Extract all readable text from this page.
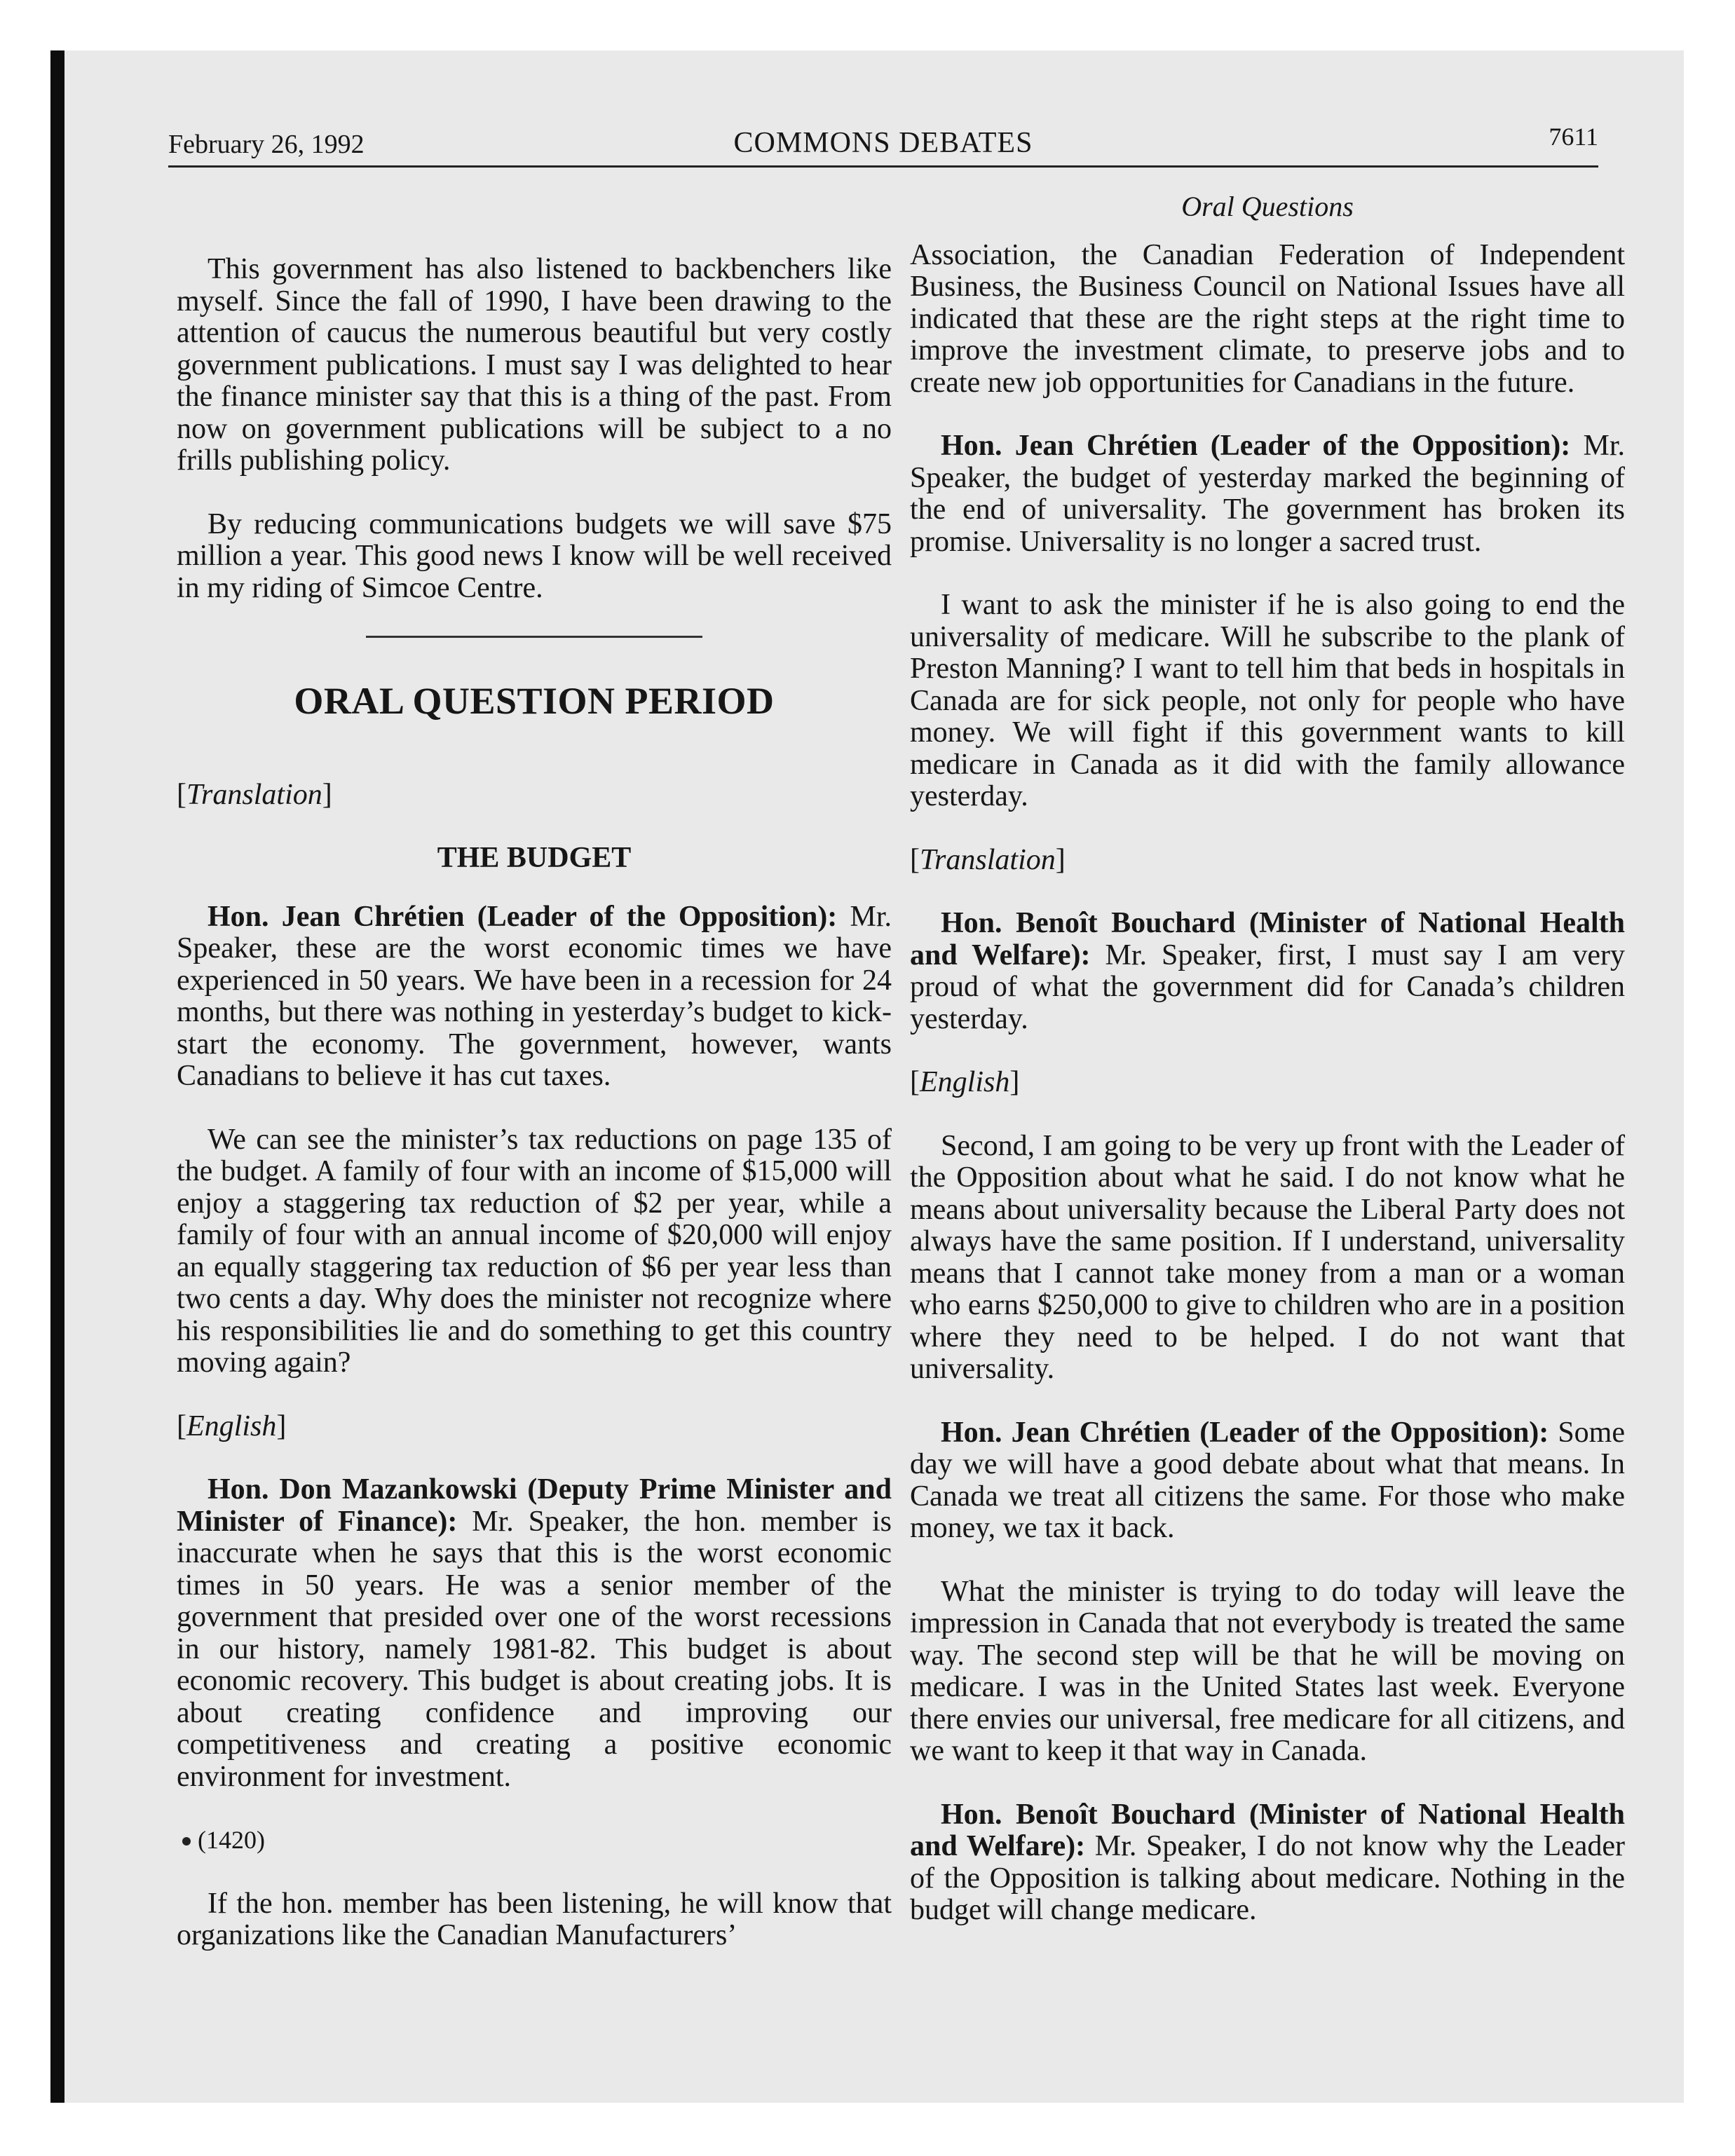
February 26, 1992	COMMONS DEBATES	7611

This government has also listened to backbenchers like myself. Since the fall of 1990, I have been drawing to the attention of caucus the numerous beautiful but very costly government publications. I must say I was delighted to hear the finance minister say that this is a thing of the past. From now on government publications will be subject to a no frills publishing policy.

By reducing communications budgets we will save $75 million a year. This good news I know will be well received in my riding of Simcoe Centre.

ORAL QUESTION PERIOD

[Translation]

THE BUDGET

Hon. Jean Chrétien (Leader of the Opposition): Mr. Speaker, these are the worst economic times we have experienced in 50 years. We have been in a recession for 24 months, but there was nothing in yesterday’s budget to kick-start the economy. The government, however, wants Canadians to believe it has cut taxes.

We can see the minister’s tax reductions on page 135 of the budget. A family of four with an income of $15,000 will enjoy a staggering tax reduction of $2 per year, while a family of four with an annual income of $20,000 will enjoy an equally staggering tax reduction of $6 per year less than two cents a day. Why does the minister not recognize where his responsibilities lie and do something to get this country moving again?

[English]

Hon. Don Mazankowski (Deputy Prime Minister and Minister of Finance): Mr. Speaker, the hon. member is inaccurate when he says that this is the worst economic times in 50 years. He was a senior member of the government that presided over one of the worst recessions in our history, namely 1981-82. This budget is about economic recovery. This budget is about creating jobs. It is about creating confidence and improving our competitiveness and creating a positive economic environment for investment.

(1420)

If the hon. member has been listening, he will know that organizations like the Canadian Manufacturers’

Oral Questions

Association, the Canadian Federation of Independent Business, the Business Council on National Issues have all indicated that these are the right steps at the right time to improve the investment climate, to preserve jobs and to create new job opportunities for Canadians in the future.

Hon. Jean Chrétien (Leader of the Opposition): Mr. Speaker, the budget of yesterday marked the beginning of the end of universality. The government has broken its promise. Universality is no longer a sacred trust.

I want to ask the minister if he is also going to end the universality of medicare. Will he subscribe to the plank of Preston Manning? I want to tell him that beds in hospitals in Canada are for sick people, not only for people who have money. We will fight if this government wants to kill medicare in Canada as it did with the family allowance yesterday.

[Translation]

Hon. Benoît Bouchard (Minister of National Health and Welfare): Mr. Speaker, first, I must say I am very proud of what the government did for Canada’s children yesterday.

[English]

Second, I am going to be very up front with the Leader of the Opposition about what he said. I do not know what he means about universality because the Liberal Party does not always have the same position. If I understand, universality means that I cannot take money from a man or a woman who earns $250,000 to give to children who are in a position where they need to be helped. I do not want that universality.

Hon. Jean Chrétien (Leader of the Opposition): Some day we will have a good debate about what that means. In Canada we treat all citizens the same. For those who make money, we tax it back.

What the minister is trying to do today will leave the impression in Canada that not everybody is treated the same way. The second step will be that he will be moving on medicare. I was in the United States last week. Everyone there envies our universal, free medicare for all citizens, and we want to keep it that way in Canada.

Hon. Benoît Bouchard (Minister of National Health and Welfare): Mr. Speaker, I do not know why the Leader of the Opposition is talking about medicare. Nothing in the budget will change medicare.
